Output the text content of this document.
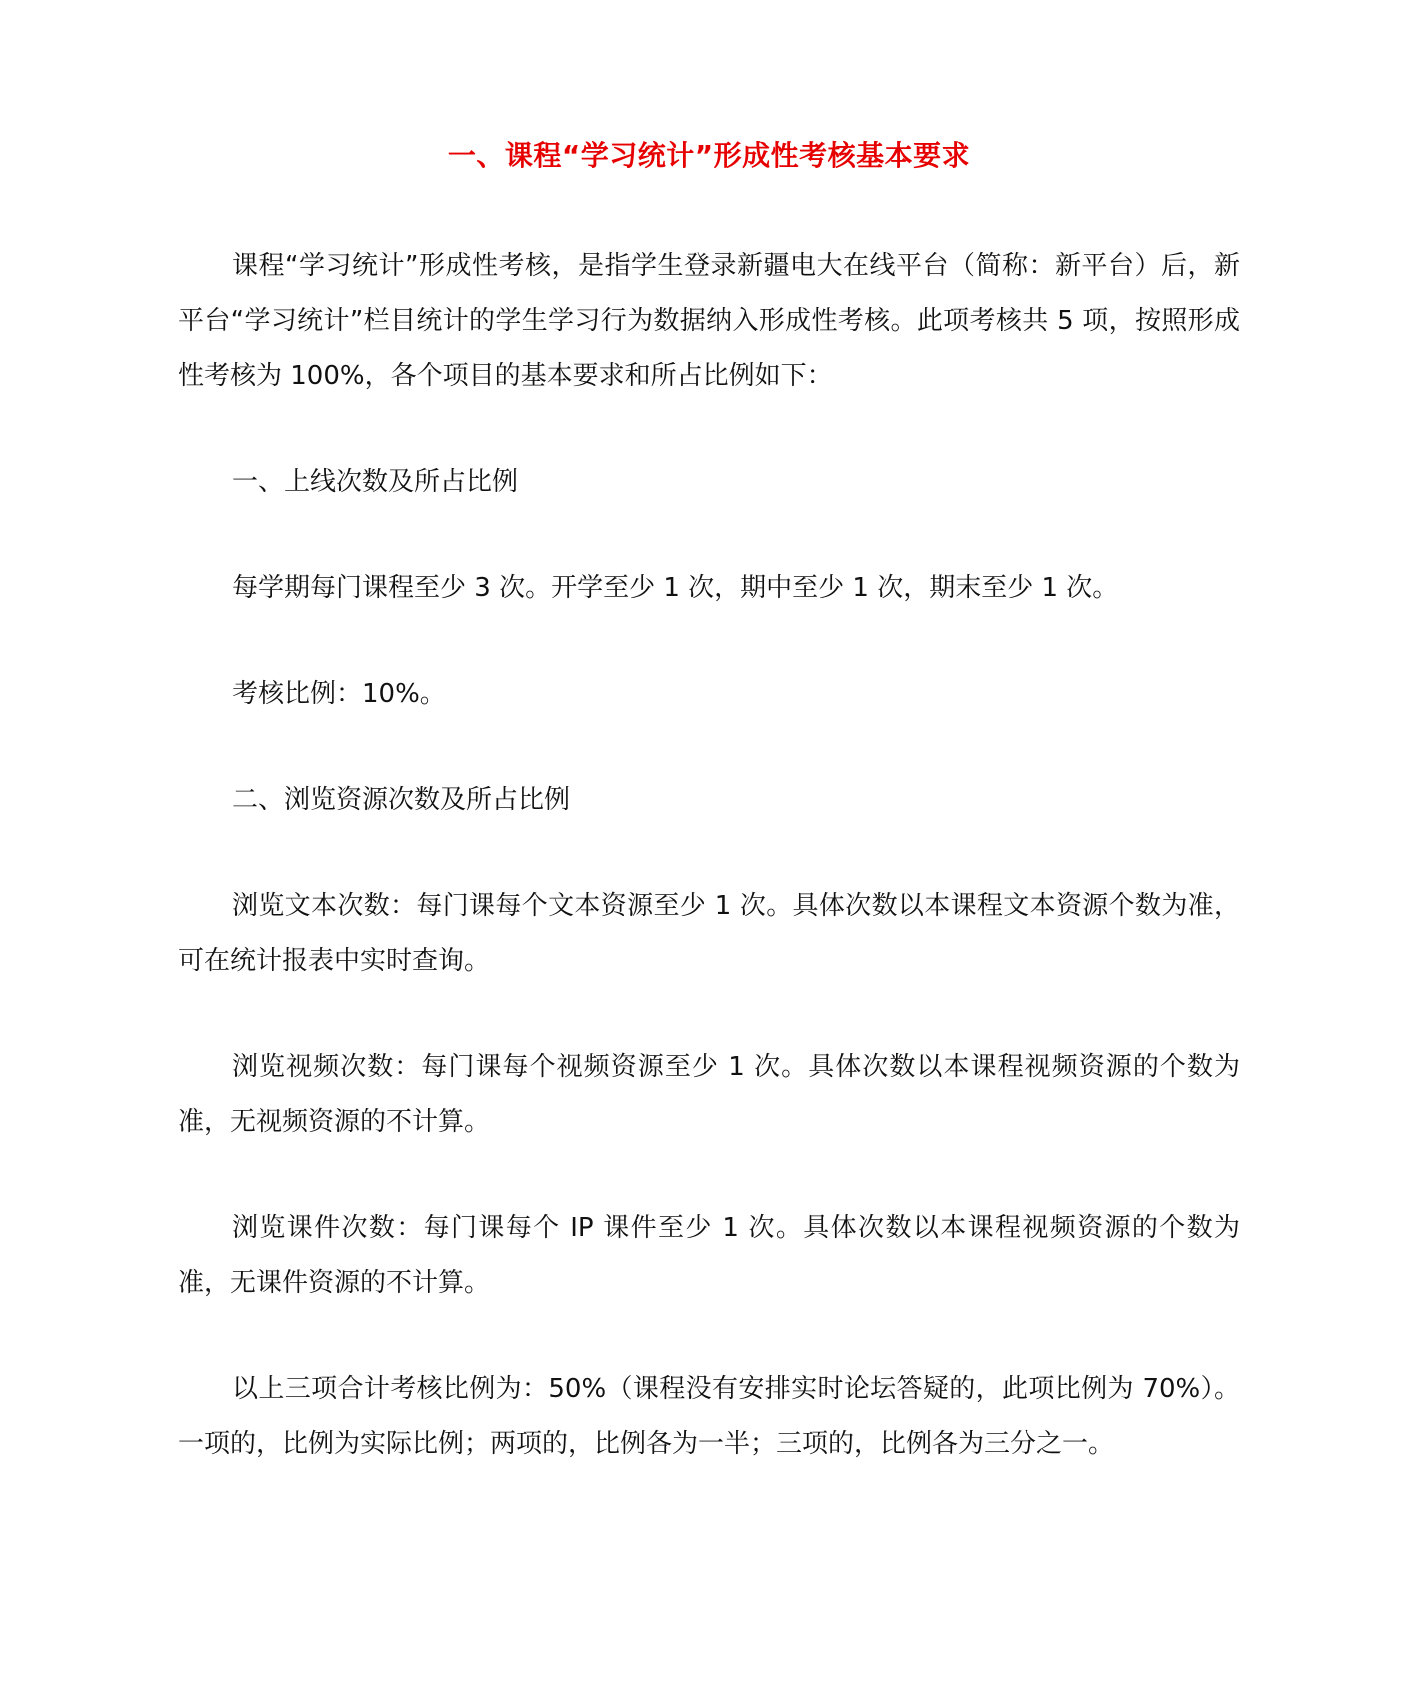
一、课程“学习统计”形成性考核基本要求

课程“学习统计”形成性考核，是指学生登录新疆电大在线平台（简称：新平台）后，新平台“学习统计”栏目统计的学生学习行为数据纳入形成性考核。此项考核共 5 项，按照形成性考核为 100%，各个项目的基本要求和所占比例如下：

一、上线次数及所占比例

每学期每门课程至少 3 次。开学至少 1 次，期中至少 1 次，期末至少 1 次。

考核比例：10%。

二、浏览资源次数及所占比例

浏览文本次数：每门课每个文本资源至少 1 次。具体次数以本课程文本资源个数为准，可在统计报表中实时查询。

浏览视频次数：每门课每个视频资源至少 1 次。具体次数以本课程视频资源的个数为准，无视频资源的不计算。

浏览课件次数：每门课每个 IP 课件至少 1 次。具体次数以本课程视频资源的个数为准，无课件资源的不计算。

以上三项合计考核比例为：50%（课程没有安排实时论坛答疑的，此项比例为 70%）。一项的，比例为实际比例；两项的，比例各为一半；三项的，比例各为三分之一。
